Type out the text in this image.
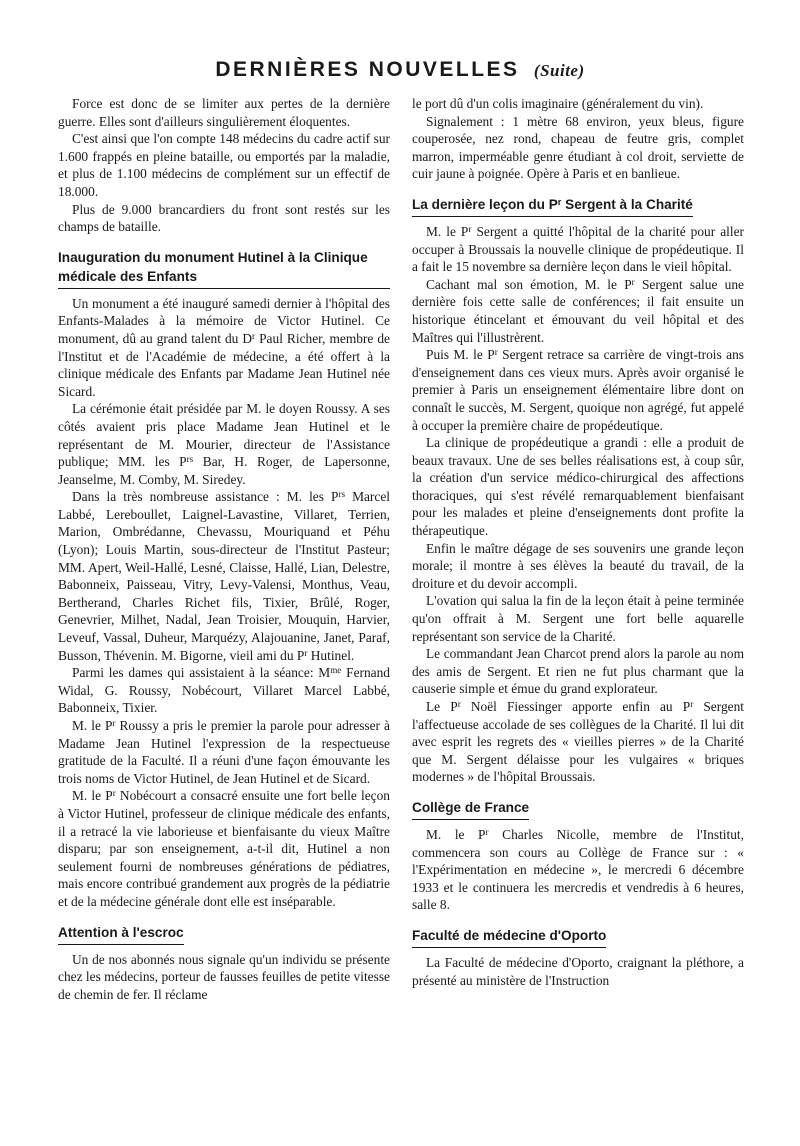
DERNIÈRES NOUVELLES (Suite)

Force est donc de se limiter aux pertes de la dernière guerre. Elles sont d'ailleurs singulièrement éloquentes.

C'est ainsi que l'on compte 148 médecins du cadre actif sur 1.600 frappés en pleine bataille, ou emportés par la maladie, et plus de 1.100 médecins de complément sur un effectif de 18.000.

Plus de 9.000 brancardiers du front sont restés sur les champs de bataille.

Inauguration du monument Hutinel à la Clinique médicale des Enfants

Un monument a été inauguré samedi dernier à l'hôpital des Enfants-Malades à la mémoire de Victor Hutinel. Ce monument, dû au grand talent du $D^r$ Paul Richer, membre de l'Institut et de l'Académie de médecine, a été offert à la clinique médicale des Enfants par Madame Jean Hutinel née Sicard.

La cérémonie était présidée par M. le doyen Roussy. A ses côtés avaient pris place Madame Jean Hutinel et le représentant de M. Mourier, directeur de l'Assistance publique; MM. les $P^{rs}$ Bar, H. Roger, de Lapersonne, Jeanselme, M. Comby, M. Siredey.

Dans la très nombreuse assistance : M. les $P^{rs}$ Marcel Labbé, Lereboullet, Laignel-Lavastine, Villaret, Terrien, Marion, Ombrédanne, Chevassu, Mouriquand et Péhu (Lyon); Louis Martin, sous-directeur de l'Institut Pasteur; MM. Apert, Weil-Hallé, Lesné, Claisse, Hallé, Lian, Delestre, Babonneix, Paisseau, Vitry, Levy-Valensi, Monthus, Veau, Bertherand, Charles Richet fils, Tixier, Brûlé, Roger, Genevrier, Milhet, Nadal, Jean Troisier, Mouquin, Harvier, Leveuf, Vassal, Duheur, Marquézy, Alajouanine, Janet, Paraf, Busson, Thévenin. M. Bigorne, vieil ami du $P^r$ Hutinel.

Parmi les dames qui assistaient à la séance: $M^{me}$ Fernand Widal, G. Roussy, Nobécourt, Villaret Marcel Labbé, Babonneix, Tixier.

M. le $P^r$ Roussy a pris le premier la parole pour adresser à Madame Jean Hutinel l'expression de la respectueuse gratitude de la Faculté. Il a réuni d'une façon émouvante les trois noms de Victor Hutinel, de Jean Hutinel et de Sicard.

M. le $P^r$ Nobécourt a consacré ensuite une fort belle leçon à Victor Hutinel, professeur de clinique médicale des enfants, il a retracé la vie laborieuse et bienfaisante du vieux Maître disparu; par son enseignement, a-t-il dit, Hutinel a non seulement fourni de nombreuses générations de pédiatres, mais encore contribué grandement aux progrès de la pédiatrie et de la médecine générale dont elle est inséparable.

Attention à l'escroc

Un de nos abonnés nous signale qu'un individu se présente chez les médecins, porteur de fausses feuilles de petite vitesse de chemin de fer. Il réclame

le port dû d'un colis imaginaire (généralement du vin).

Signalement : 1 mètre 68 environ, yeux bleus, figure couperosée, nez rond, chapeau de feutre gris, complet marron, imperméable genre étudiant à col droit, serviette de cuir jaune à poignée. Opère à Paris et en banlieue.

La dernière leçon du $P^r$ Sergent à la Charité

M. le $P^r$ Sergent a quitté l'hôpital de la charité pour aller occuper à Broussais la nouvelle clinique de propédeutique. Il a fait le 15 novembre sa dernière leçon dans le vieil hôpital.

Cachant mal son émotion, M. le $P^r$ Sergent salue une dernière fois cette salle de conférences; il fait ensuite un historique étincelant et émouvant du veil hôpital et des Maîtres qui l'illustrèrent.

Puis M. le $P^r$ Sergent retrace sa carrière de vingt-trois ans d'enseignement dans ces vieux murs. Après avoir organisé le premier à Paris un enseignement élémentaire libre dont on connaît le succès, M. Sergent, quoique non agrégé, fut appelé à occuper la première chaire de propédeutique.

La clinique de propédeutique a grandi : elle a produit de beaux travaux. Une de ses belles réalisations est, à coup sûr, la création d'un service médico-chirurgical des affections thoraciques, qui s'est révélé remarquablement bienfaisant pour les malades et pleine d'enseignements dont profite la thérapeutique.

Enfin le maître dégage de ses souvenirs une grande leçon morale; il montre à ses élèves la beauté du travail, de la droiture et du devoir accompli.

L'ovation qui salua la fin de la leçon était à peine terminée qu'on offrait à M. Sergent une fort belle aquarelle représentant son service de la Charité.

Le commandant Jean Charcot prend alors la parole au nom des amis de Sergent. Et rien ne fut plus charmant que la causerie simple et émue du grand explorateur.

Le $P^r$ Noël Fiessinger apporte enfin au $P^r$ Sergent l'affectueuse accolade de ses collègues de la Charité. Il lui dit avec esprit les regrets des « vieilles pierres » de la Charité que M. Sergent délaisse pour les vulgaires « briques modernes » de l'hôpital Broussais.

Collège de France

M. le $P^r$ Charles Nicolle, membre de l'Institut, commencera son cours au Collège de France sur : « l'Expérimentation en médecine », le mercredi 6 décembre 1933 et le continuera les mercredis et vendredis à 6 heures, salle 8.

Faculté de médecine d'Oporto

La Faculté de médecine d'Oporto, craignant la pléthore, a présenté au ministère de l'Instruction
